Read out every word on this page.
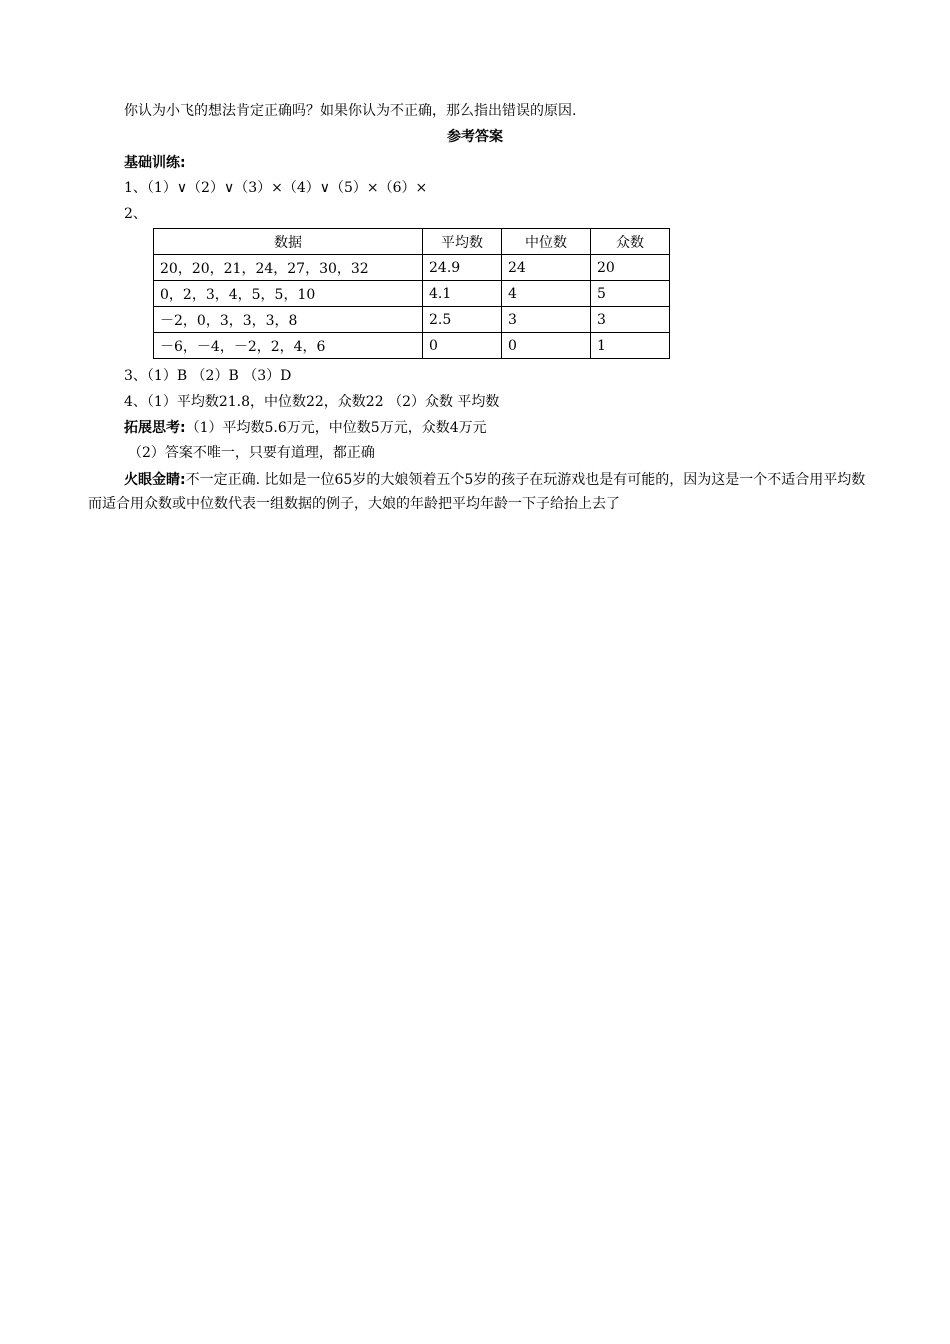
你认为小飞的想法肯定正确吗？如果你认为不正确，那么指出错误的原因.
参考答案
基础训练:
1、（1）∨（2）∨（3）×（4）∨（5）×（6）×
2、
数据	平均数	中位数	众数
20，20，21，24，27，30，32	24.9	24	20
0，2，3，4，5，5，10	4.1	4	5
－2，0，3，3，3，8	2.5	3	3
－6，－4，－2，2，4，6	0	0	1
3、（1）B （2）B （3）D
4、（1）平均数21.8，中位数22，众数22 （2）众数 平均数
拓展思考:（1）平均数5.6万元，中位数5万元，众数4万元
（2）答案不唯一，只要有道理，都正确
火眼金睛:不一定正确. 比如是一位65岁的大娘领着五个5岁的孩子在玩游戏也是有可能的，因为这是一个不适合用平均数而适合用众数或中位数代表一组数据的例子，大娘的年龄把平均年龄一下子给抬上去了
